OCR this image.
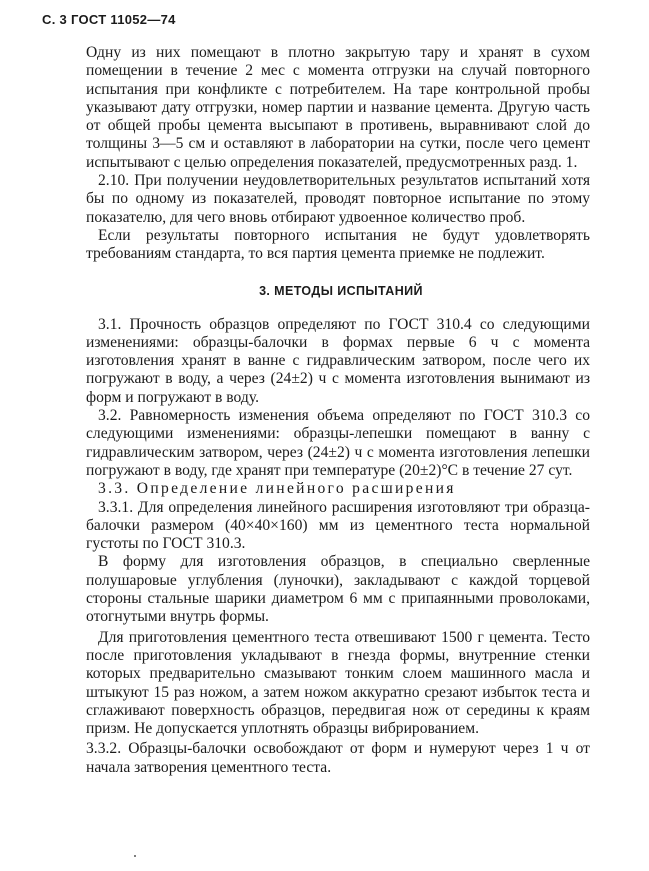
С. 3 ГОСТ 11052—74

Одну из них помещают в плотно закрытую тару и хранят в сухом помещении в течение 2 мес с момента отгрузки на случай повторного испытания при конфликте с потребителем. На таре контрольной пробы указывают дату отгрузки, номер партии и название цемента. Другую часть от общей пробы цемента высыпают в противень, выравнивают слой до толщины 3—5 см и оставляют в лаборатории на сутки, после чего цемент испытывают с целью определения показателей, предусмотренных разд. 1.

2.10. При получении неудовлетворительных результатов испытаний хотя бы по одному из показателей, проводят повторное испытание по этому показателю, для чего вновь отбирают удвоенное количество проб.

Если результаты повторного испытания не будут удовлетворять требованиям стандарта, то вся партия цемента приемке не подлежит.

3. МЕТОДЫ ИСПЫТАНИЙ

3.1. Прочность образцов определяют по ГОСТ 310.4 со следующими изменениями: образцы-балочки в формах первые 6 ч с момента изготовления хранят в ванне с гидравлическим затвором, после чего их погружают в воду, а через (24±2) ч с момента изготовления вынимают из форм и погружают в воду.

3.2. Равномерность изменения объема определяют по ГОСТ 310.3 со следующими изменениями: образцы-лепешки помещают в ванну с гидравлическим затвором, через (24±2) ч с момента изготовления лепешки погружают в воду, где хранят при температуре (20±2)°С в течение 27 сут.

3.3. Определение линейного расширения

3.3.1. Для определения линейного расширения изготовляют три образца-балочки размером (40×40×160) мм из цементного теста нормальной густоты по ГОСТ 310.3.

В форму для изготовления образцов, в специально сверленные полушаровые углубления (луночки), закладывают с каждой торцевой стороны стальные шарики диаметром 6 мм с припаянными проволоками, отогнутыми внутрь формы.

Для приготовления цементного теста отвешивают 1500 г цемента. Тесто после приготовления укладывают в гнезда формы, внутренние стенки которых предварительно смазывают тонким слоем машинного масла и штыкуют 15 раз ножом, а затем ножом аккуратно срезают избыток теста и сглаживают поверхность образцов, передвигая нож от середины к краям призм. Не допускается уплотнять образцы вибрированием.

3.3.2. Образцы-балочки освобождают от форм и нумеруют через 1 ч от начала затворения цементного теста.
